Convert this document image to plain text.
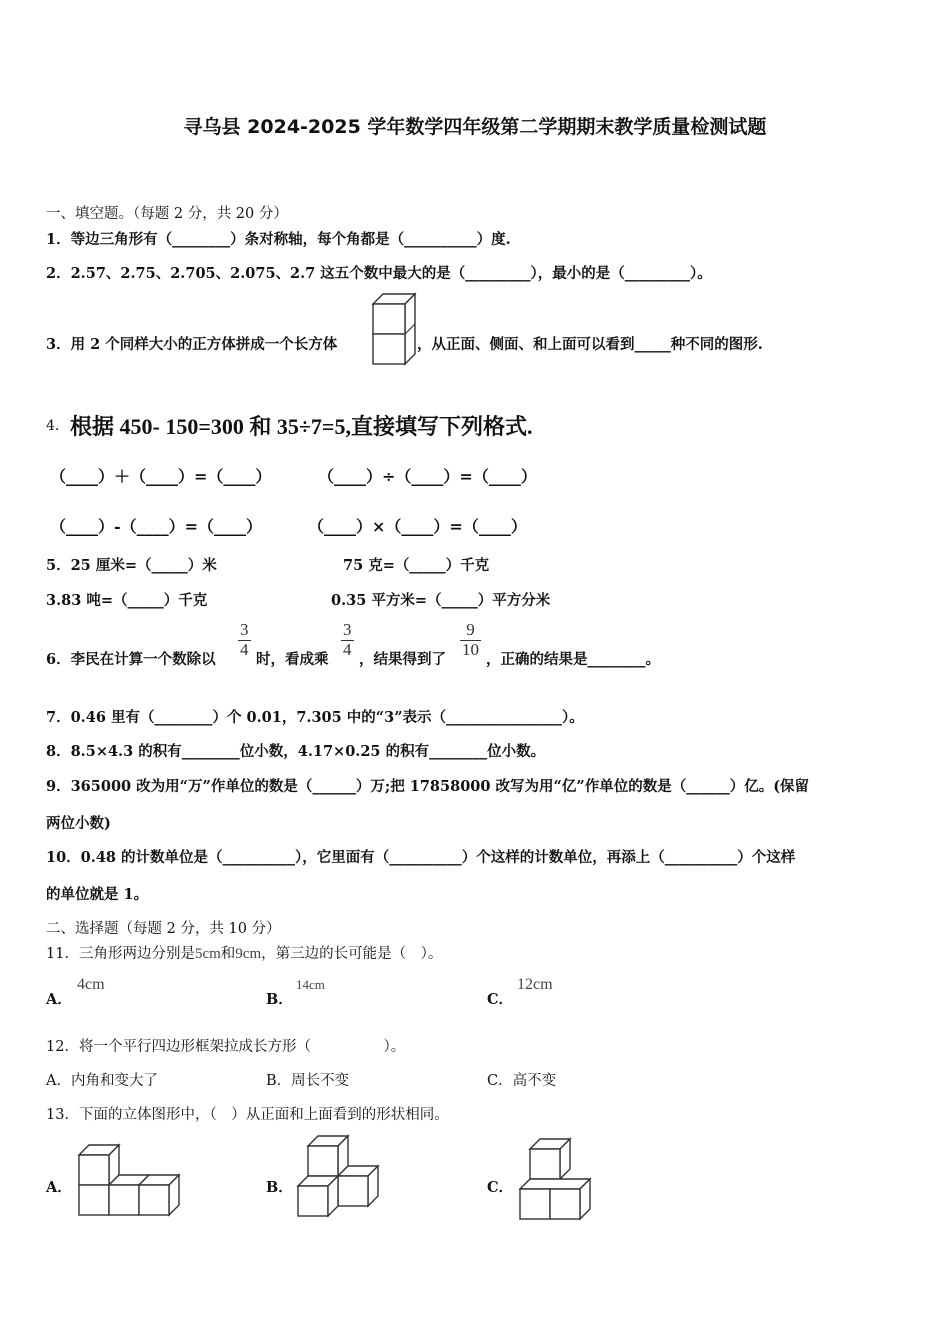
寻乌县 2024-2025 学年数学四年级第二学期期末教学质量检测试题
一、填空题。（每题 2 分，共 20 分）
1．等边三角形有（________）条对称轴，每个角都是（__________）度.
2．2.57、2.75、2.705、2.075、2.7 这五个数中最大的是（_________），最小的是（_________）。
3．用 2 个同样大小的正方体拼成一个长方体	，从正面、侧面、和上面可以看到_____种不同的图形.
4. 根据 450- 150=300 和 35÷7=5,直接填写下列格式.
（____）＋（____）=（____）	（____）÷（____）=（____）
（____）-（____）=（____）	（____）×（____）=（____）
5．25 厘米=（_____）米	75 克=（_____）千克
3.83 吨=（_____）千克	0.35 平方米=（_____）平方分米
6．李民在计算一个数除以
3
4
时，看成乘
3
4
，结果得到了
9
10
，正确的结果是________。
7．0.46 里有（________）个 0.01，7.305 中的“3”表示（________________）。
8．8.5×4.3 的积有________位小数，4.17×0.25 的积有________位小数。
9．365000 改为用“万”作单位的数是（______）万;把 17858000 改写为用“亿”作单位的数是（______）亿。(保留
两位小数)
10．0.48 的计数单位是（__________），它里面有（__________）个这样的计数单位，再添上（__________）个这样
的单位就是 1。
二、选择题（每题 2 分，共 10 分）
11．三角形两边分别是5cm和9cm，第三边的长可能是（　）。
A．
4cm
B．
14cm
C．
12cm
12．将一个平行四边形框架拉成长方形（　　　　　）。
A．内角和变大了	B．周长不变	C．高不变
13．下面的立体图形中，（　）从正面和上面看到的形状相同。
A．	B．	C．
